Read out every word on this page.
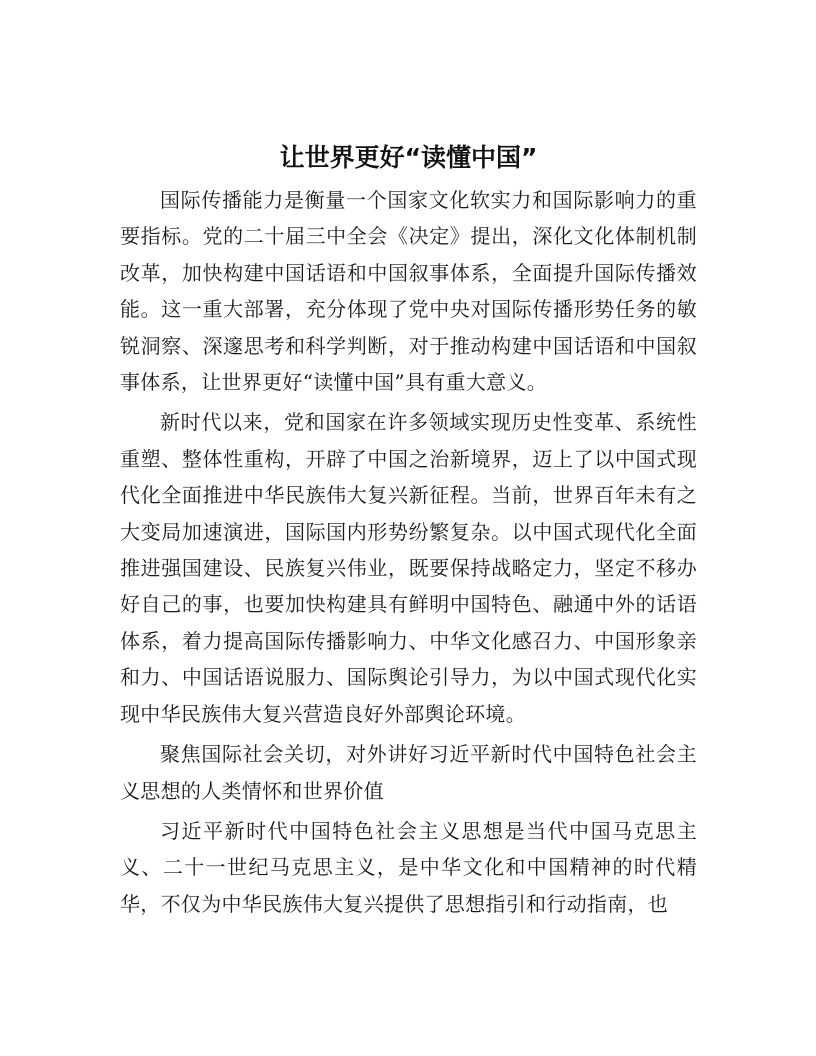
让世界更好“读懂中国”

国际传播能力是衡量一个国家文化软实力和国际影响力的重要指标。党的二十届三中全会《决定》提出，深化文化体制机制改革，加快构建中国话语和中国叙事体系，全面提升国际传播效能。这一重大部署，充分体现了党中央对国际传播形势任务的敏锐洞察、深邃思考和科学判断，对于推动构建中国话语和中国叙事体系，让世界更好“读懂中国”具有重大意义。

新时代以来，党和国家在许多领域实现历史性变革、系统性重塑、整体性重构，开辟了中国之治新境界，迈上了以中国式现代化全面推进中华民族伟大复兴新征程。当前，世界百年未有之大变局加速演进，国际国内形势纷繁复杂。以中国式现代化全面推进强国建设、民族复兴伟业，既要保持战略定力，坚定不移办好自己的事，也要加快构建具有鲜明中国特色、融通中外的话语体系，着力提高国际传播影响力、中华文化感召力、中国形象亲和力、中国话语说服力、国际舆论引导力，为以中国式现代化实现中华民族伟大复兴营造良好外部舆论环境。

聚焦国际社会关切，对外讲好习近平新时代中国特色社会主义思想的人类情怀和世界价值

习近平新时代中国特色社会主义思想是当代中国马克思主义、二十一世纪马克思主义，是中华文化和中国精神的时代精华，不仅为中华民族伟大复兴提供了思想指引和行动指南，也
